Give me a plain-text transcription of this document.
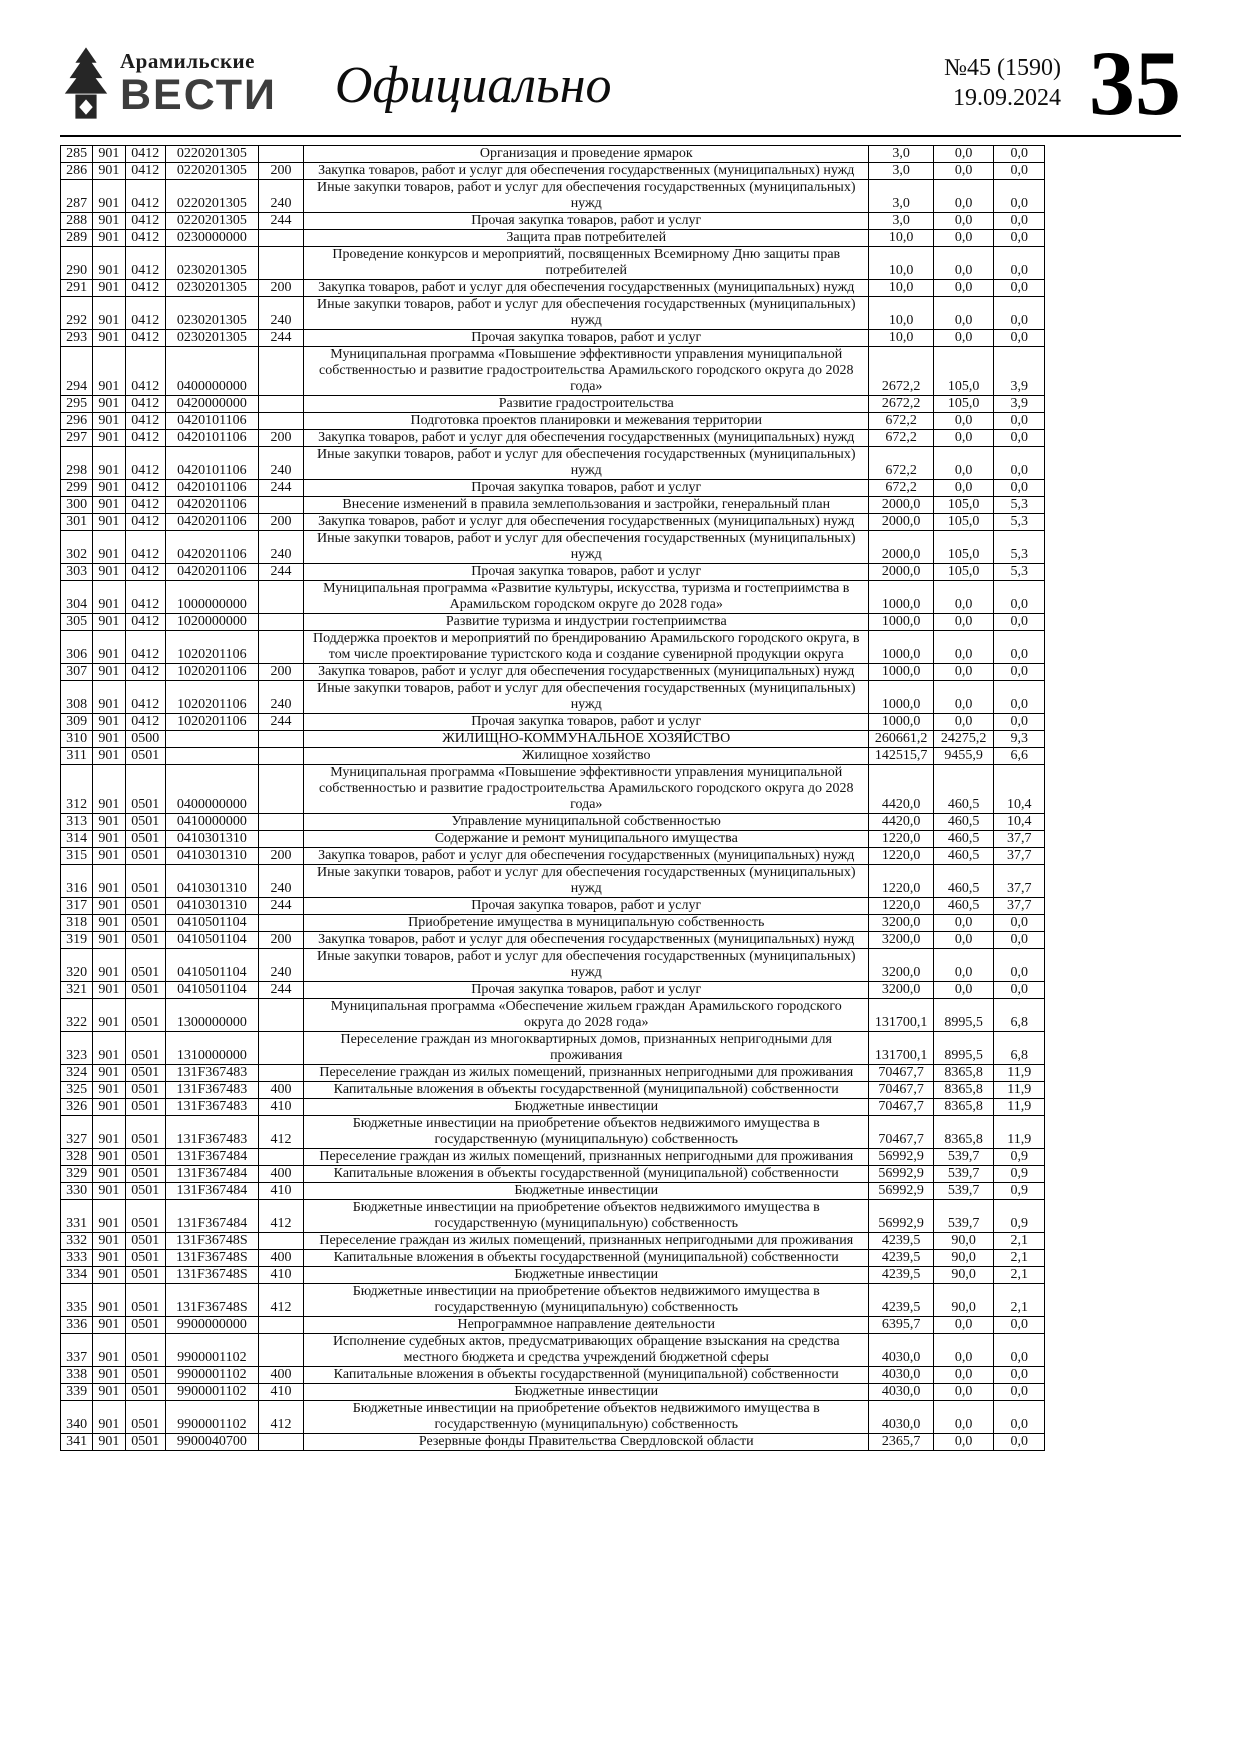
Арамильские
ВЕСТИ Официально	№45 (1590)
19.09.2024 35
285	901	0412	0220201305		Организация и проведение ярмарок	3,0	0,0	0,0
286	901	0412	0220201305	200	Закупка товаров, работ и услуг для обеспечения государственных (муниципальных) нужд	3,0	0,0	0,0
287	901	0412	0220201305	240	Иные закупки товаров, работ и услуг для обеспечения государственных (муниципальных) нужд	3,0	0,0	0,0
288	901	0412	0220201305	244	Прочая закупка товаров, работ и услуг	3,0	0,0	0,0
289	901	0412	0230000000		Защита прав потребителей	10,0	0,0	0,0
290	901	0412	0230201305		Проведение конкурсов и мероприятий, посвященных Всемирному Дню защиты прав потребителей	10,0	0,0	0,0
291	901	0412	0230201305	200	Закупка товаров, работ и услуг для обеспечения государственных (муниципальных) нужд	10,0	0,0	0,0
292	901	0412	0230201305	240	Иные закупки товаров, работ и услуг для обеспечения государственных (муниципальных) нужд	10,0	0,0	0,0
293	901	0412	0230201305	244	Прочая закупка товаров, работ и услуг	10,0	0,0	0,0
294	901	0412	0400000000		Муниципальная программа «Повышение эффективности управления муниципальной собственностью и развитие градостроительства Арамильского городского округа до 2028 года»	2672,2	105,0	3,9
295	901	0412	0420000000		Развитие градостроительства	2672,2	105,0	3,9
296	901	0412	0420101106		Подготовка проектов планировки и межевания территории	672,2	0,0	0,0
297	901	0412	0420101106	200	Закупка товаров, работ и услуг для обеспечения государственных (муниципальных) нужд	672,2	0,0	0,0
298	901	0412	0420101106	240	Иные закупки товаров, работ и услуг для обеспечения государственных (муниципальных) нужд	672,2	0,0	0,0
299	901	0412	0420101106	244	Прочая закупка товаров, работ и услуг	672,2	0,0	0,0
300	901	0412	0420201106		Внесение изменений в правила землепользования и застройки, генеральный план	2000,0	105,0	5,3
301	901	0412	0420201106	200	Закупка товаров, работ и услуг для обеспечения государственных (муниципальных) нужд	2000,0	105,0	5,3
302	901	0412	0420201106	240	Иные закупки товаров, работ и услуг для обеспечения государственных (муниципальных) нужд	2000,0	105,0	5,3
303	901	0412	0420201106	244	Прочая закупка товаров, работ и услуг	2000,0	105,0	5,3
304	901	0412	1000000000		Муниципальная программа «Развитие культуры, искусства, туризма и гостеприимства в Арамильском городском округе до 2028 года»	1000,0	0,0	0,0
305	901	0412	1020000000		Развитие туризма и индустрии гостеприимства	1000,0	0,0	0,0
306	901	0412	1020201106		Поддержка проектов и мероприятий по брендированию Арамильского городского округа, в том числе проектирование туристского кода и создание сувенирной продукции округа	1000,0	0,0	0,0
307	901	0412	1020201106	200	Закупка товаров, работ и услуг для обеспечения государственных (муниципальных) нужд	1000,0	0,0	0,0
308	901	0412	1020201106	240	Иные закупки товаров, работ и услуг для обеспечения государственных (муниципальных) нужд	1000,0	0,0	0,0
309	901	0412	1020201106	244	Прочая закупка товаров, работ и услуг	1000,0	0,0	0,0
310	901	0500			ЖИЛИЩНО-КОММУНАЛЬНОЕ ХОЗЯЙСТВО	260661,2	24275,2	9,3
311	901	0501			Жилищное хозяйство	142515,7	9455,9	6,6
312	901	0501	0400000000		Муниципальная программа «Повышение эффективности управления муниципальной собственностью и развитие градостроительства Арамильского городского округа до 2028 года»	4420,0	460,5	10,4
313	901	0501	0410000000		Управление муниципальной собственностью	4420,0	460,5	10,4
314	901	0501	0410301310		Содержание и ремонт муниципального имущества	1220,0	460,5	37,7
315	901	0501	0410301310	200	Закупка товаров, работ и услуг для обеспечения государственных (муниципальных) нужд	1220,0	460,5	37,7
316	901	0501	0410301310	240	Иные закупки товаров, работ и услуг для обеспечения государственных (муниципальных) нужд	1220,0	460,5	37,7
317	901	0501	0410301310	244	Прочая закупка товаров, работ и услуг	1220,0	460,5	37,7
318	901	0501	0410501104		Приобретение имущества в муниципальную собственность	3200,0	0,0	0,0
319	901	0501	0410501104	200	Закупка товаров, работ и услуг для обеспечения государственных (муниципальных) нужд	3200,0	0,0	0,0
320	901	0501	0410501104	240	Иные закупки товаров, работ и услуг для обеспечения государственных (муниципальных) нужд	3200,0	0,0	0,0
321	901	0501	0410501104	244	Прочая закупка товаров, работ и услуг	3200,0	0,0	0,0
322	901	0501	1300000000		Муниципальная программа «Обеспечение жильем граждан Арамильского городского округа до 2028 года»	131700,1	8995,5	6,8
323	901	0501	1310000000		Переселение граждан из многоквартирных домов, признанных непригодными для проживания	131700,1	8995,5	6,8
324	901	0501	131F367483		Переселение граждан из жилых помещений, признанных непригодными для проживания	70467,7	8365,8	11,9
325	901	0501	131F367483	400	Капитальные вложения в объекты государственной (муниципальной) собственности	70467,7	8365,8	11,9
326	901	0501	131F367483	410	Бюджетные инвестиции	70467,7	8365,8	11,9
327	901	0501	131F367483	412	Бюджетные инвестиции на приобретение объектов недвижимого имущества в государственную (муниципальную) собственность	70467,7	8365,8	11,9
328	901	0501	131F367484		Переселение граждан из жилых помещений, признанных непригодными для проживания	56992,9	539,7	0,9
329	901	0501	131F367484	400	Капитальные вложения в объекты государственной (муниципальной) собственности	56992,9	539,7	0,9
330	901	0501	131F367484	410	Бюджетные инвестиции	56992,9	539,7	0,9
331	901	0501	131F367484	412	Бюджетные инвестиции на приобретение объектов недвижимого имущества в государственную (муниципальную) собственность	56992,9	539,7	0,9
332	901	0501	131F36748S		Переселение граждан из жилых помещений, признанных непригодными для проживания	4239,5	90,0	2,1
333	901	0501	131F36748S	400	Капитальные вложения в объекты государственной (муниципальной) собственности	4239,5	90,0	2,1
334	901	0501	131F36748S	410	Бюджетные инвестиции	4239,5	90,0	2,1
335	901	0501	131F36748S	412	Бюджетные инвестиции на приобретение объектов недвижимого имущества в государственную (муниципальную) собственность	4239,5	90,0	2,1
336	901	0501	9900000000		Непрограммное направление деятельности	6395,7	0,0	0,0
337	901	0501	9900001102		Исполнение судебных актов, предусматривающих обращение взыскания на средства местного бюджета и средства учреждений бюджетной сферы	4030,0	0,0	0,0
338	901	0501	9900001102	400	Капитальные вложения в объекты государственной (муниципальной) собственности	4030,0	0,0	0,0
339	901	0501	9900001102	410	Бюджетные инвестиции	4030,0	0,0	0,0
340	901	0501	9900001102	412	Бюджетные инвестиции на приобретение объектов недвижимого имущества в государственную (муниципальную) собственность	4030,0	0,0	0,0
341	901	0501	9900040700		Резервные фонды Правительства Свердловской области	2365,7	0,0	0,0
